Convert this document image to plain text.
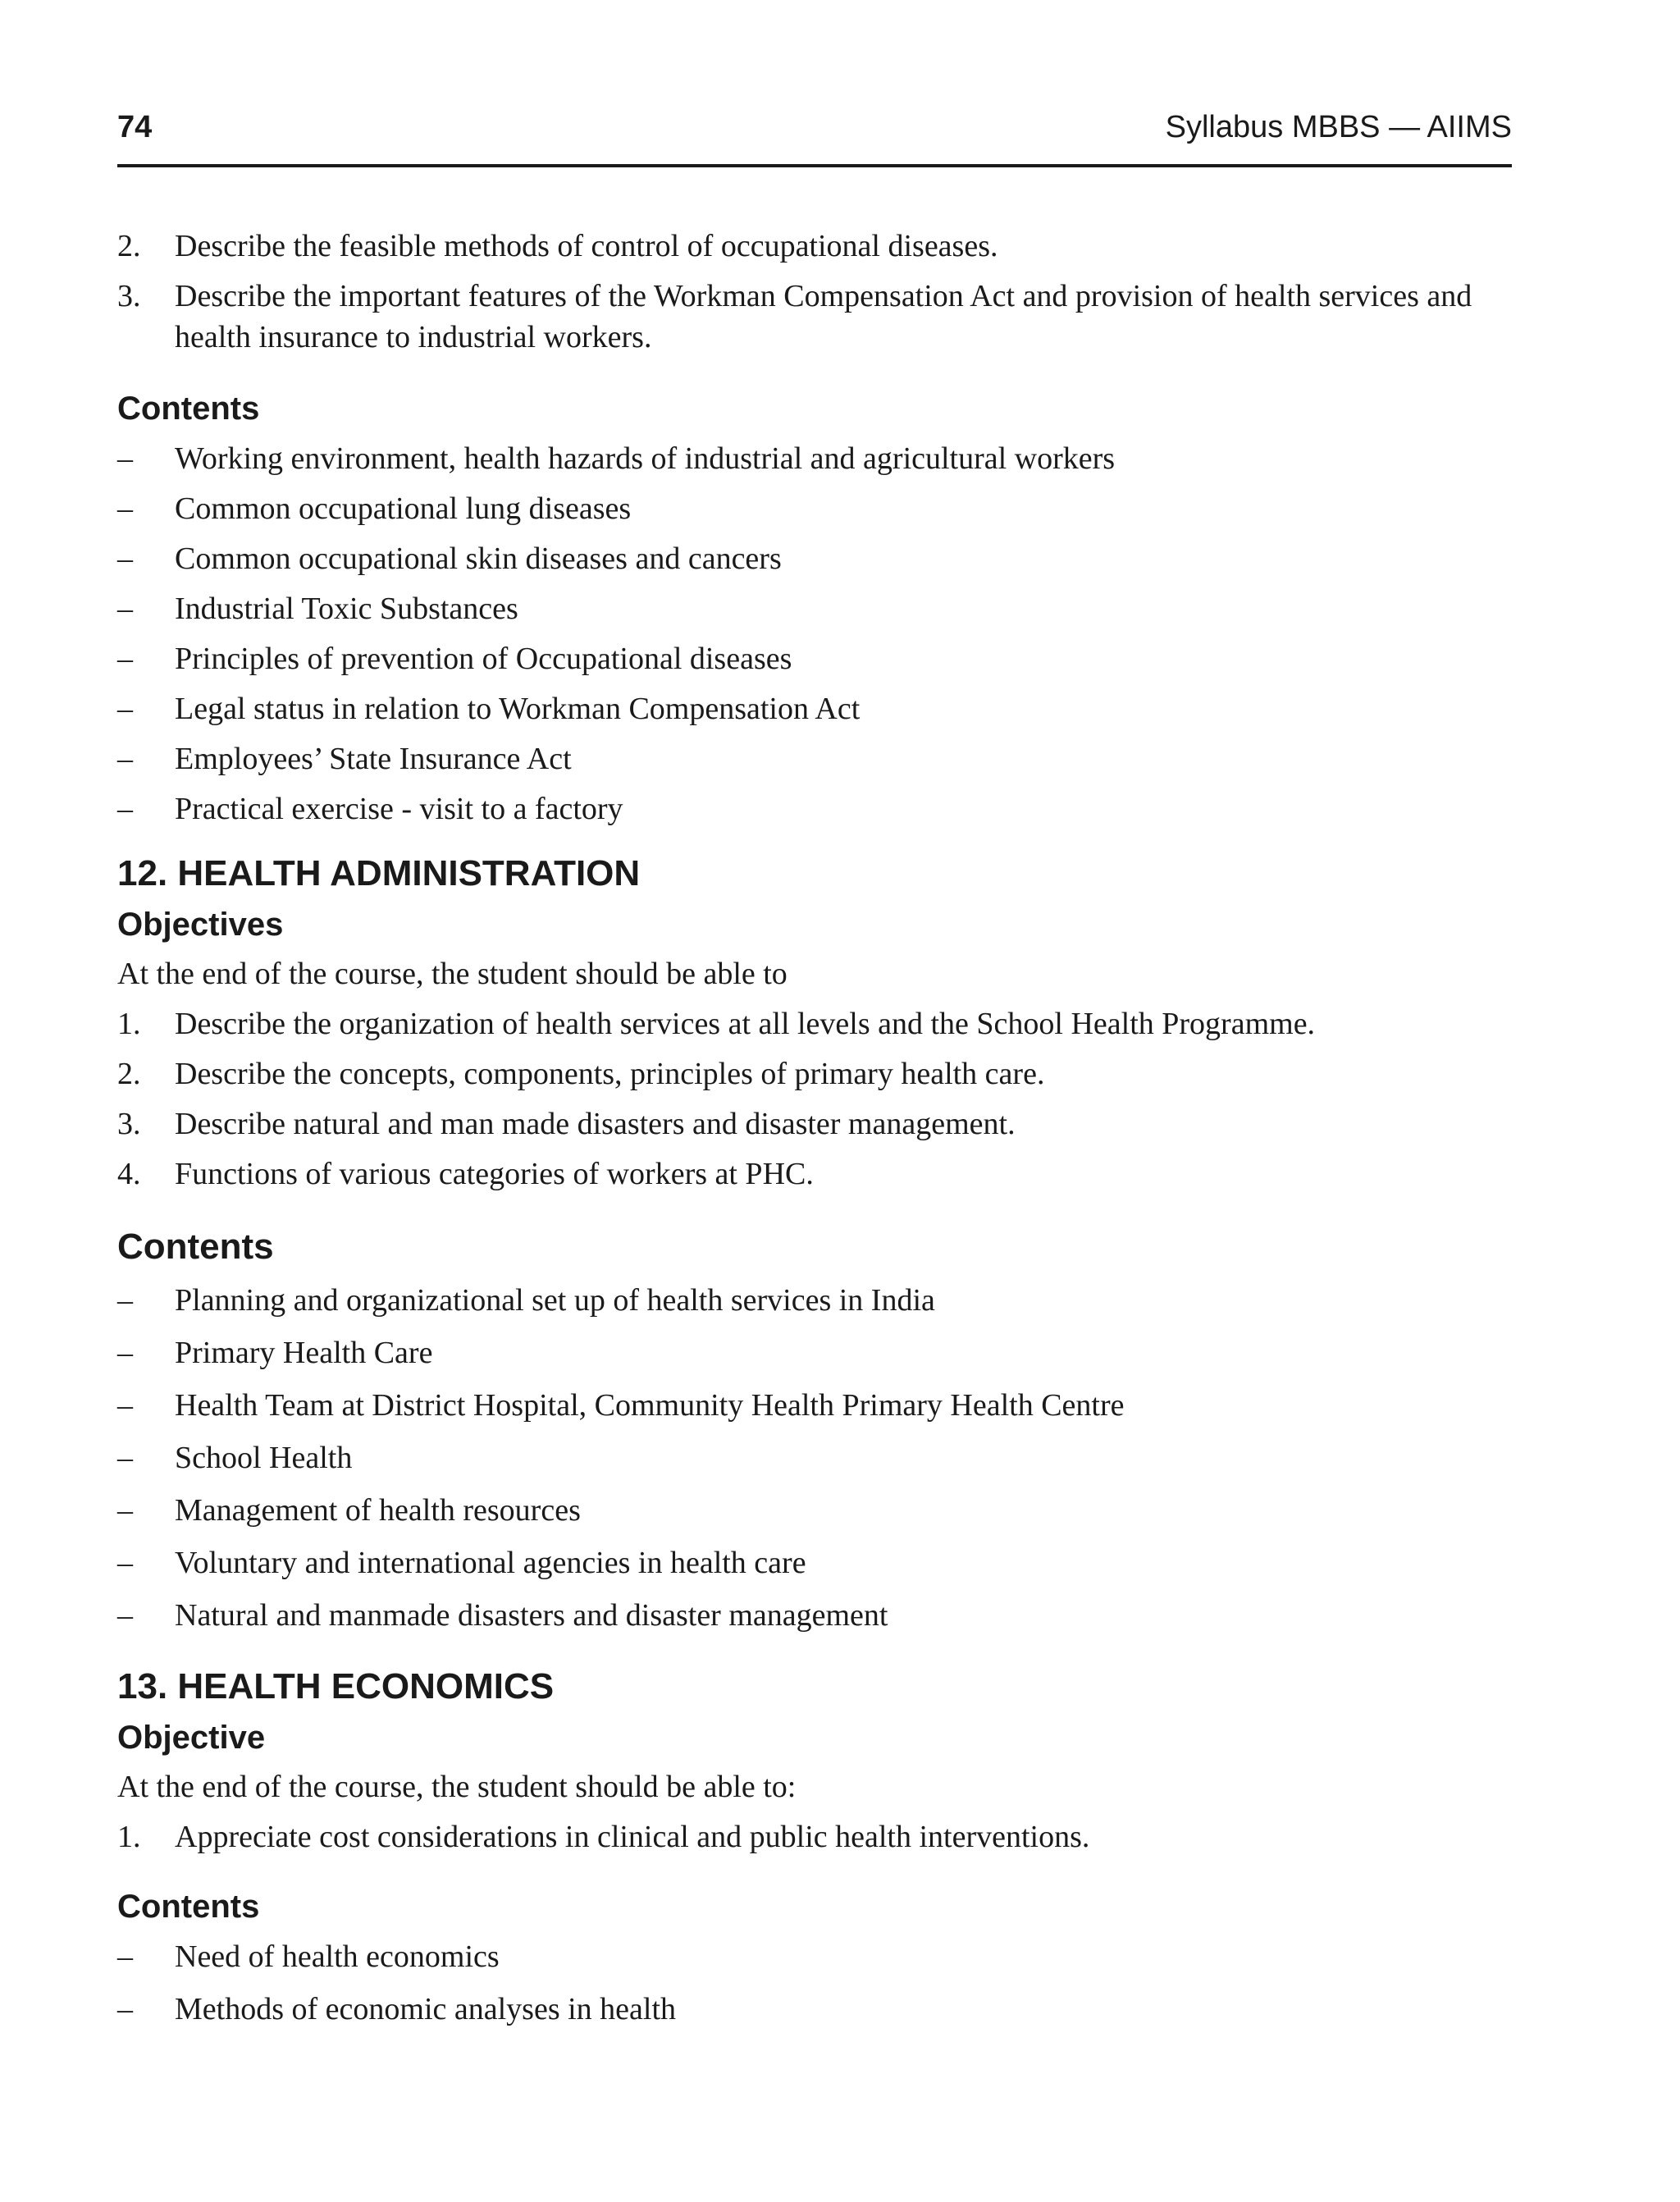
74	Syllabus MBBS — AIIMS
2.	Describe the feasible methods of control of occupational diseases.
3.	Describe the important features of the Workman Compensation Act and provision of health services and health insurance to industrial workers.
Contents
–	Working environment, health hazards of industrial and agricultural workers
–	Common occupational lung diseases
–	Common occupational skin diseases and cancers
–	Industrial Toxic Substances
–	Principles of prevention of Occupational diseases
–	Legal status in relation to Workman Compensation Act
–	Employees’ State Insurance Act
–	Practical exercise - visit to a factory
12. HEALTH ADMINISTRATION
Objectives
At the end of the course, the student should be able to
1.	Describe the organization of health services at all levels and the School Health Programme.
2.	Describe the concepts, components, principles of primary health care.
3.	Describe natural and man made disasters and disaster management.
4.	Functions of various categories of workers at PHC.
Contents
–	Planning and organizational set up of health services in India
–	Primary Health Care
–	Health Team at District Hospital, Community Health Primary Health Centre
–	School Health
–	Management of health resources
–	Voluntary and international agencies in health care
–	Natural and manmade disasters and disaster management
13. HEALTH ECONOMICS
Objective
At the end of the course, the student should be able to:
1.	Appreciate cost considerations in clinical and public health interventions.
Contents
–	Need of health economics
–	Methods of economic analyses in health
